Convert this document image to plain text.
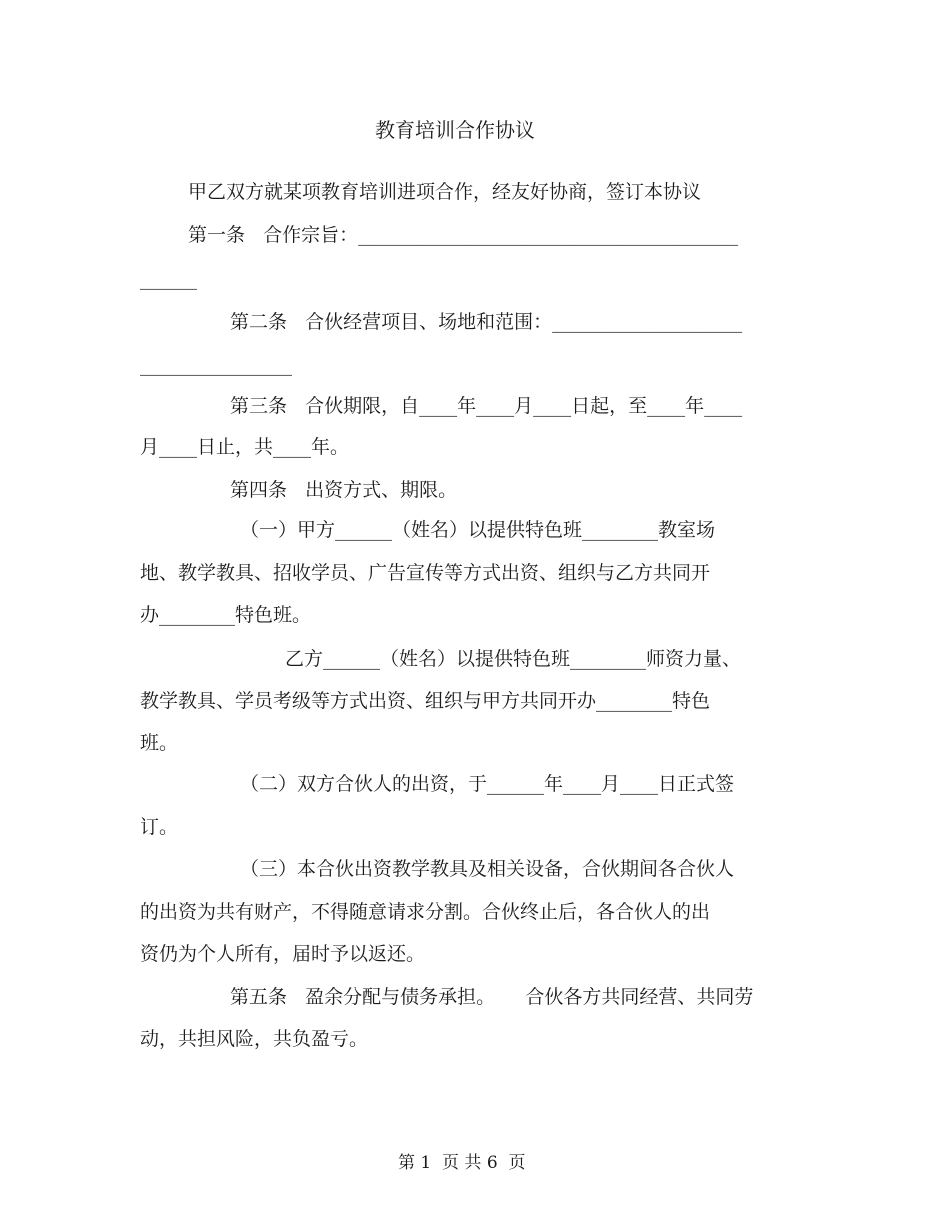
教育培训合作协议
甲乙双方就某项教育培训进项合作，经友好协商，签订本协议
第一条   合作宗旨：________________________________________
______
第二条   合伙经营项目、场地和范围：____________________
________________
第三条   合伙期限，自____年____月____日起，至____年____
月____日止，共____年。
第四条   出资方式、期限。
（一）甲方______（姓名）以提供特色班________教室场
地、教学教具、招收学员、广告宣传等方式出资、组织与乙方共同开
办________特色班。
乙方______（姓名）以提供特色班________师资力量、
教学教具、学员考级等方式出资、组织与甲方共同开办________特色
班。
（二）双方合伙人的出资，于______年____月____日正式签
订。
（三）本合伙出资教学教具及相关设备，合伙期间各合伙人
的出资为共有财产，不得随意请求分割。合伙终止后，各合伙人的出
资仍为个人所有，届时予以返还。
第五条   盈余分配与债务承担。     合伙各方共同经营、共同劳
动，共担风险，共负盈亏。
第 1  页 共 6  页
